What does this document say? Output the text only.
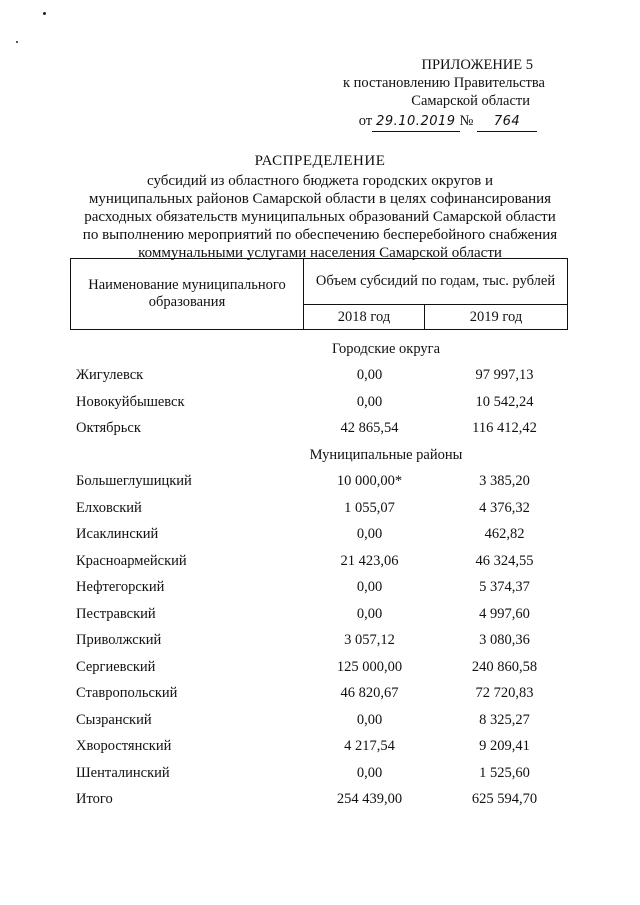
ПРИЛОЖЕНИЕ 5
к постановлению Правительства
Самарской области
от 29.10.2019 № 764
РАСПРЕДЕЛЕНИЕ
субсидий из областного бюджета городских округов и
муниципальных районов Самарской области в целях софинансирования
расходных обязательств муниципальных образований Самарской области
по выполнению мероприятий по обеспечению бесперебойного снабжения
коммунальными услугами населения Самарской области
Наименование муниципального образования
Объем субсидий по годам, тыс. рублей
2018 год	2019 год
Городские округа
Жигулевск	0,00	97 997,13
Новокуйбышевск	0,00	10 542,24
Октябрьск	42 865,54	116 412,42
Муниципальные районы
Большеглушицкий	10 000,00*	3 385,20
Елховский	1 055,07	4 376,32
Исаклинский	0,00	462,82
Красноармейский	21 423,06	46 324,55
Нефтегорский	0,00	5 374,37
Пестравский	0,00	4 997,60
Приволжский	3 057,12	3 080,36
Сергиевский	125 000,00	240 860,58
Ставропольский	46 820,67	72 720,83
Сызранский	0,00	8 325,27
Хворостянский	4 217,54	9 209,41
Шенталинский	0,00	1 525,60
Итого	254 439,00	625 594,70
